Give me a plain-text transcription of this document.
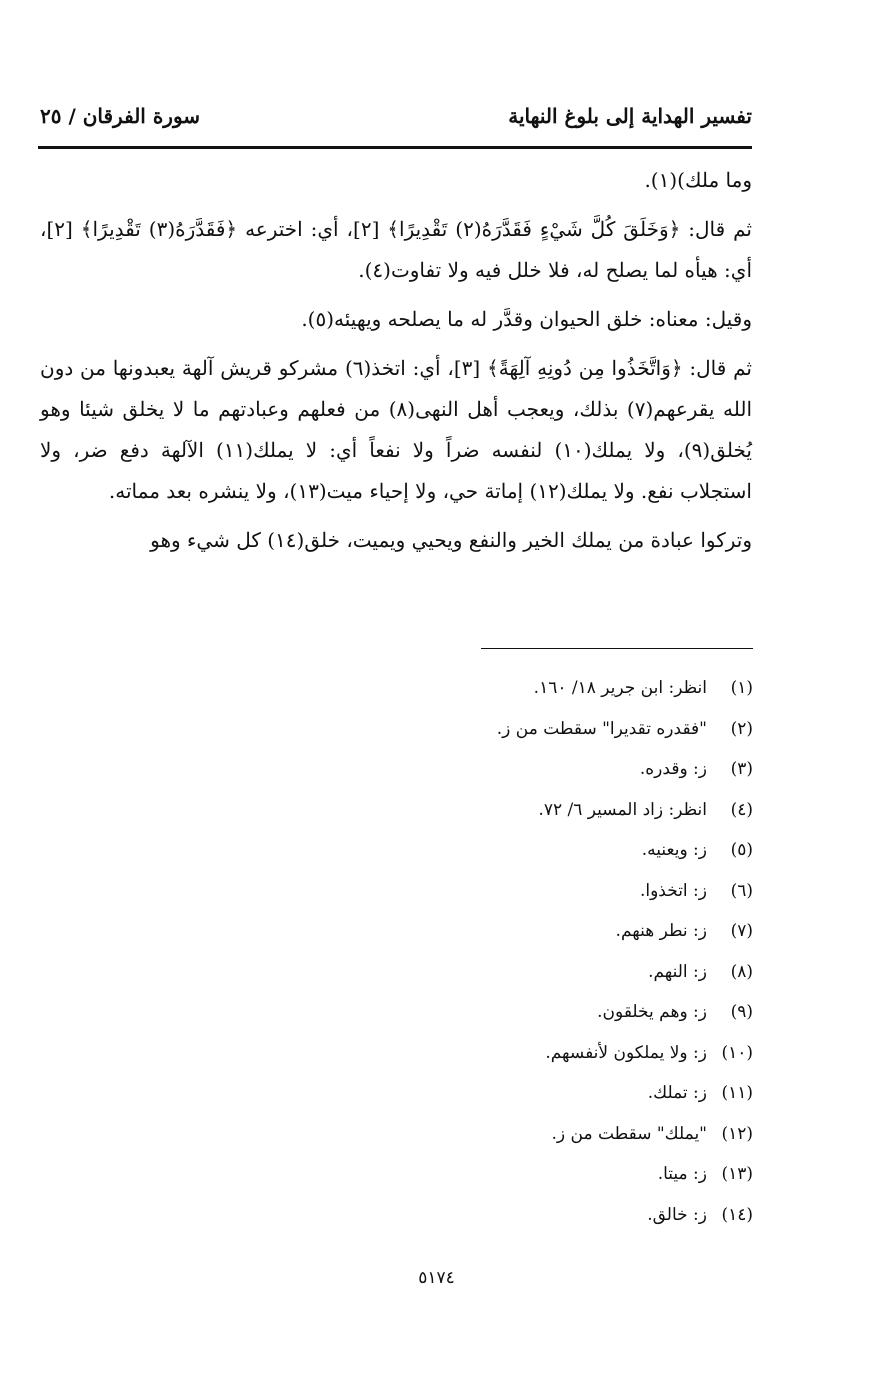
سورة الفرقان / ٢٥	تفسير الهداية إلى بلوغ النهاية

وما ملك)(١).

ثم قال: ﴿وَخَلَقَ كُلَّ شَيْءٍ فَقَدَّرَهُ(٢) تَقْدِيرًا﴾ [٢]، أي: اخترعه ﴿فَقَدَّرَهُ(٣) تَقْدِيرًا﴾ [٢]، أي: هيأه لما يصلح له، فلا خلل فيه ولا تفاوت(٤).

وقيل: معناه: خلق الحيوان وقدَّر له ما يصلحه ويهيئه(٥).

ثم قال: ﴿وَاتَّخَذُوا مِن دُونِهِ آلِهَةً﴾ [٣]، أي: اتخذ(٦) مشركو قريش آلهة يعبدونها من دون الله يقرعهم(٧) بذلك، ويعجب أهل النهى(٨) من فعلهم وعبادتهم ما لا يخلق شيئا وهو يُخلق(٩)، ولا يملك(١٠) لنفسه ضراً ولا نفعاً أي: لا يملك(١١) الآلهة دفع ضر، ولا استجلاب نفع. ولا يملك(١٢) إماتة حي، ولا إحياء ميت(١٣)، ولا ينشره بعد مماته.

وتركوا عبادة من يملك الخير والنفع ويحيي ويميت، خلق(١٤) كل شيء وهو

(١)
انظر: ابن جرير ١٨/ ١٦٠.
(٢)
"فقدره تقديرا" سقطت من ز.
(٣)
ز: وقدره.
(٤)
انظر: زاد المسير ٦/ ٧٢.
(٥)
ز: ويعنيه.
(٦)
ز: اتخذوا.
(٧)
ز: نطر هنهم.
(٨)
ز: النهم.
(٩)
ز: وهم يخلقون.
(١٠)
ز: ولا يملكون لأنفسهم.
(١١)
ز: تملك.
(١٢)
"يملك" سقطت من ز.
(١٣)
ز: ميتا.
(١٤)
ز: خالق.
٥١٧٤
